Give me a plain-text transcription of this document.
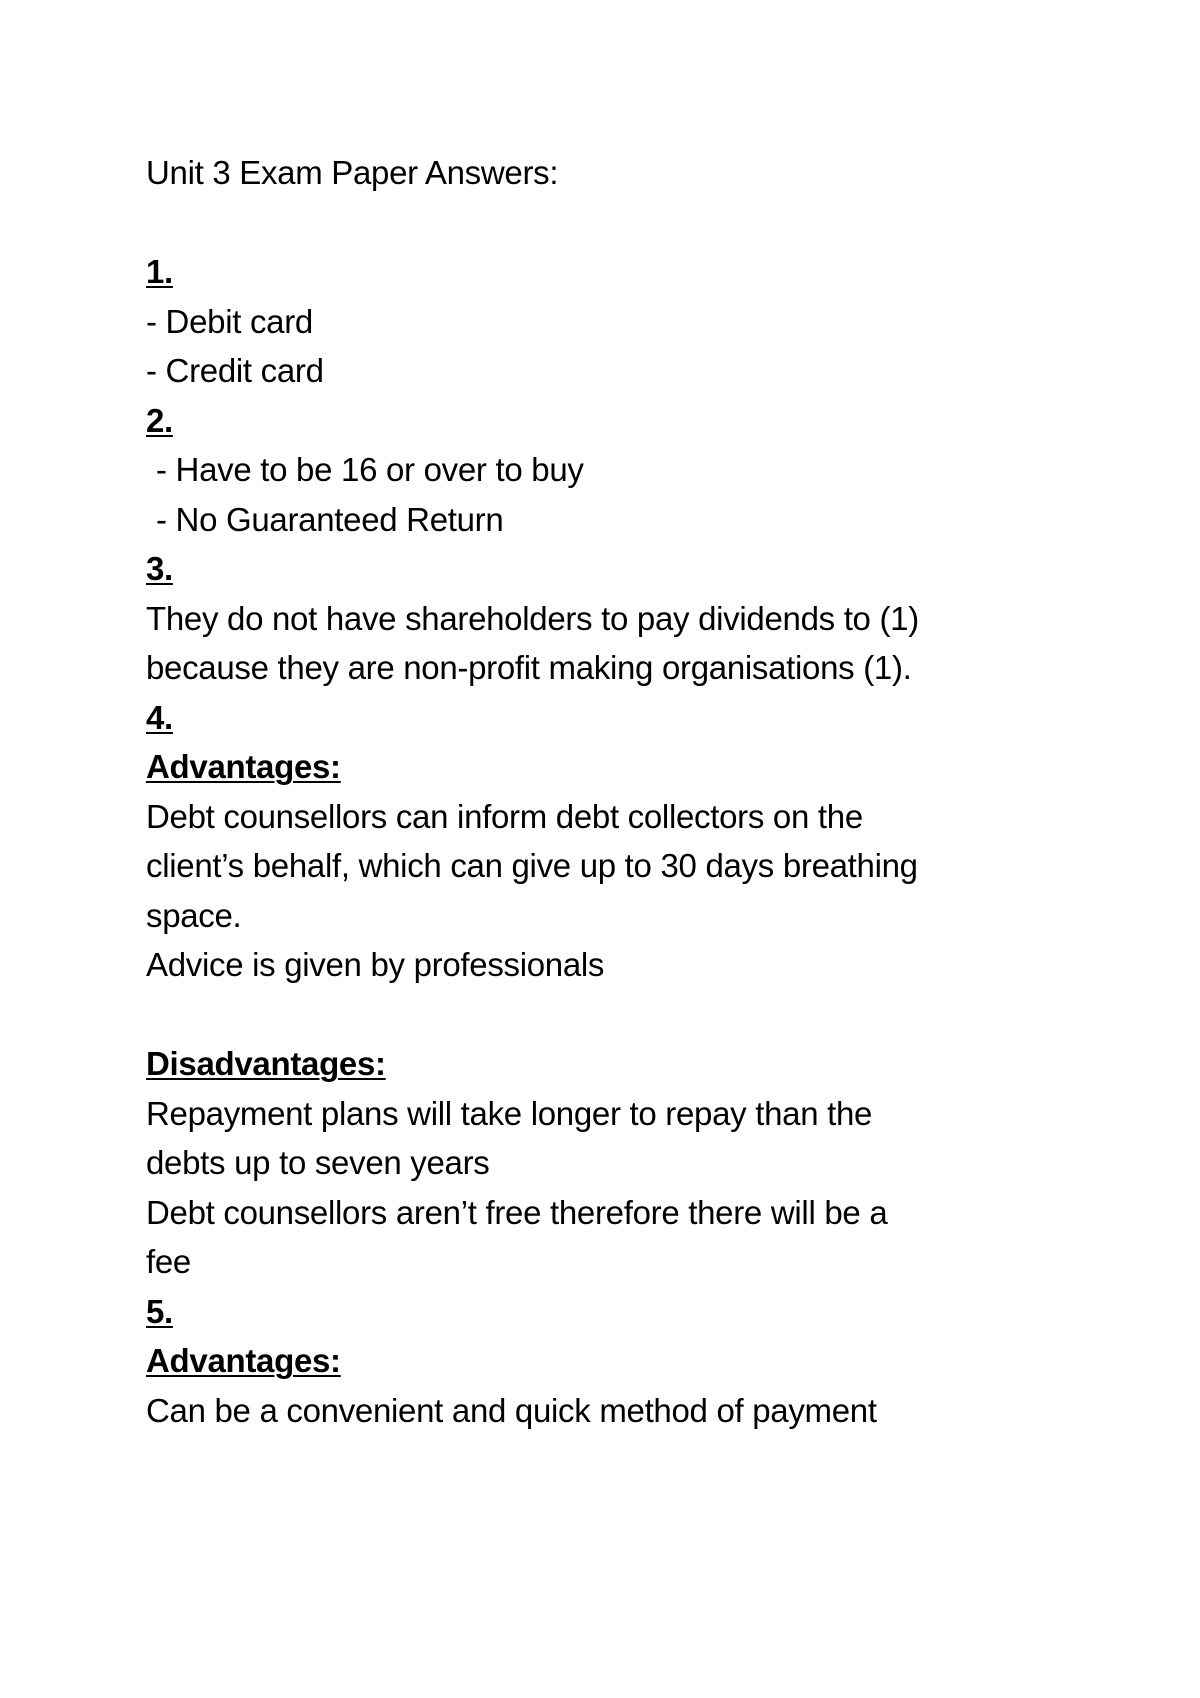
Unit 3 Exam Paper Answers:
1.
- Debit card
- Credit card
2.
- Have to be 16 or over to buy
- No Guaranteed Return
3.
They do not have shareholders to pay dividends to (1)
because they are non-profit making organisations (1).
4.
Advantages:
Debt counsellors can inform debt collectors on the
client’s behalf, which can give up to 30 days breathing
space.
Advice is given by professionals
Disadvantages:
Repayment plans will take longer to repay than the
debts up to seven years
Debt counsellors aren’t free therefore there will be a
fee
5.
Advantages:
Can be a convenient and quick method of payment
